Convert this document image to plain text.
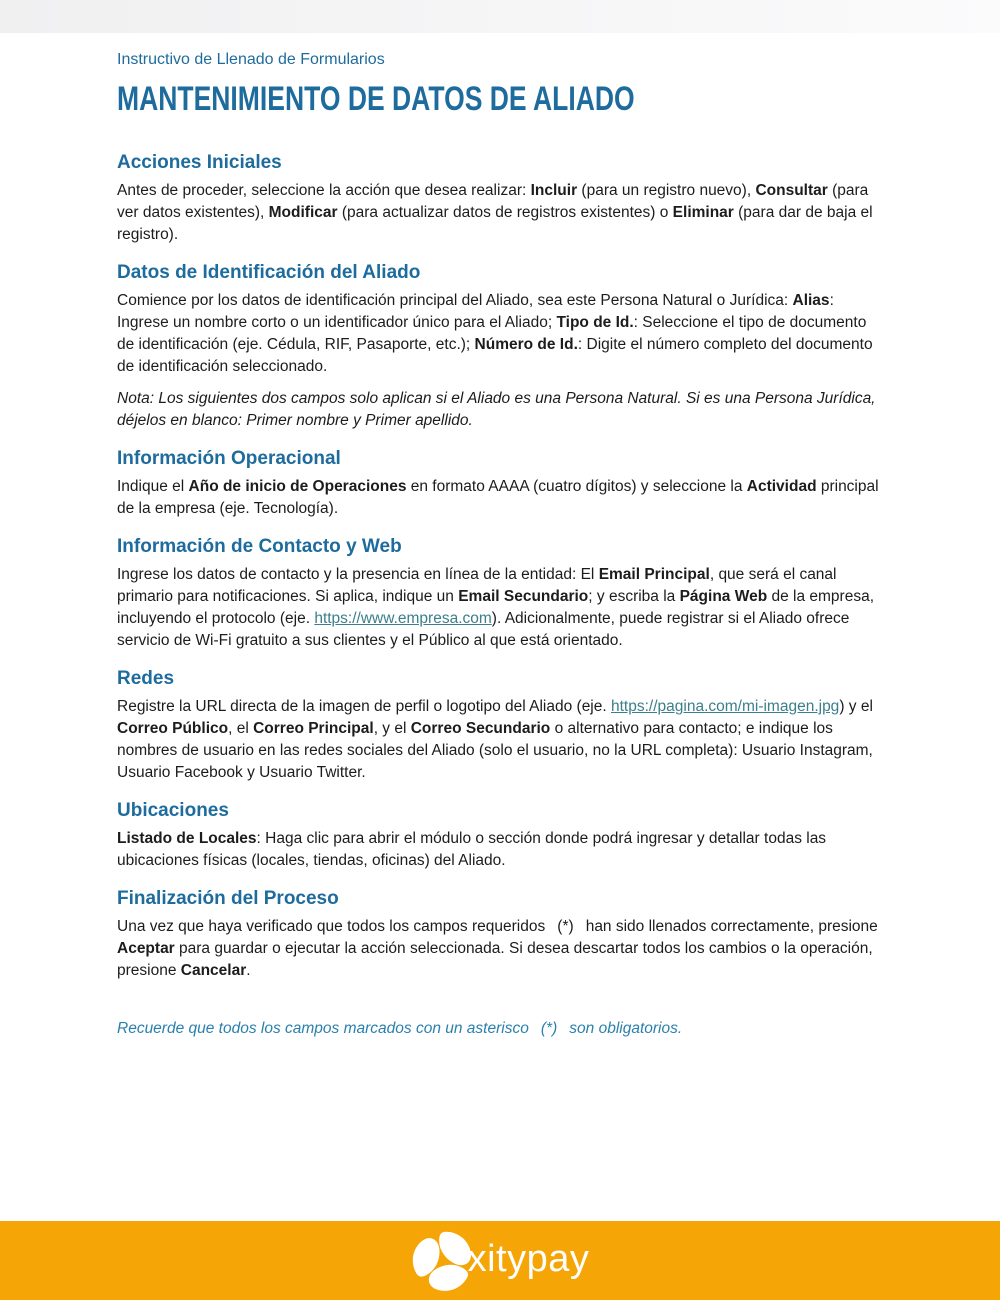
Instructivo de Llenado de Formularios

MANTENIMIENTO DE DATOS DE ALIADO
Acciones Iniciales

Antes de proceder, seleccione la acción que desea realizar: Incluir (para un registro nuevo), Consultar (para ver datos existentes), Modificar (para actualizar datos de registros existentes) o Eliminar (para dar de baja el registro).

Datos de Identificación del Aliado

Comience por los datos de identificación principal del Aliado, sea este Persona Natural o Jurídica: Alias: Ingrese un nombre corto o un identificador único para el Aliado; Tipo de Id.: Seleccione el tipo de documento de identificación (eje. Cédula, RIF, Pasaporte, etc.); Número de Id.: Digite el número completo del documento de identificación seleccionado.

Nota: Los siguientes dos campos solo aplican si el Aliado es una Persona Natural. Si es una Persona Jurídica, déjelos en blanco: Primer nombre y Primer apellido.

Información Operacional

Indique el Año de inicio de Operaciones en formato AAAA (cuatro dígitos) y seleccione la Actividad principal de la empresa (eje. Tecnología).

Información de Contacto y Web

Ingrese los datos de contacto y la presencia en línea de la entidad: El Email Principal, que será el canal primario para notificaciones. Si aplica, indique un Email Secundario; y escriba la Página Web de la empresa, incluyendo el protocolo (eje. https://www.empresa.com). Adicionalmente, puede registrar si el Aliado ofrece servicio de Wi-Fi gratuito a sus clientes y el Público al que está orientado.

Redes

Registre la URL directa de la imagen de perfil o logotipo del Aliado (eje. https://pagina.com/mi-imagen.jpg) y el Correo Público, el Correo Principal, y el Correo Secundario o alternativo para contacto; e indique los nombres de usuario en las redes sociales del Aliado (solo el usuario, no la URL completa): Usuario Instagram, Usuario Facebook y Usuario Twitter.

Ubicaciones

Listado de Locales: Haga clic para abrir el módulo o sección donde podrá ingresar y detallar todas las ubicaciones físicas (locales, tiendas, oficinas) del Aliado.

Finalización del Proceso

Una vez que haya verificado que todos los campos requeridos  (*)  han sido llenados correctamente, presione Aceptar para guardar o ejecutar la acción seleccionada. Si desea descartar todos los cambios o la operación, presione Cancelar.

Recuerde que todos los campos marcados con un asterisco  (*)  son obligatorios.

xitypay
